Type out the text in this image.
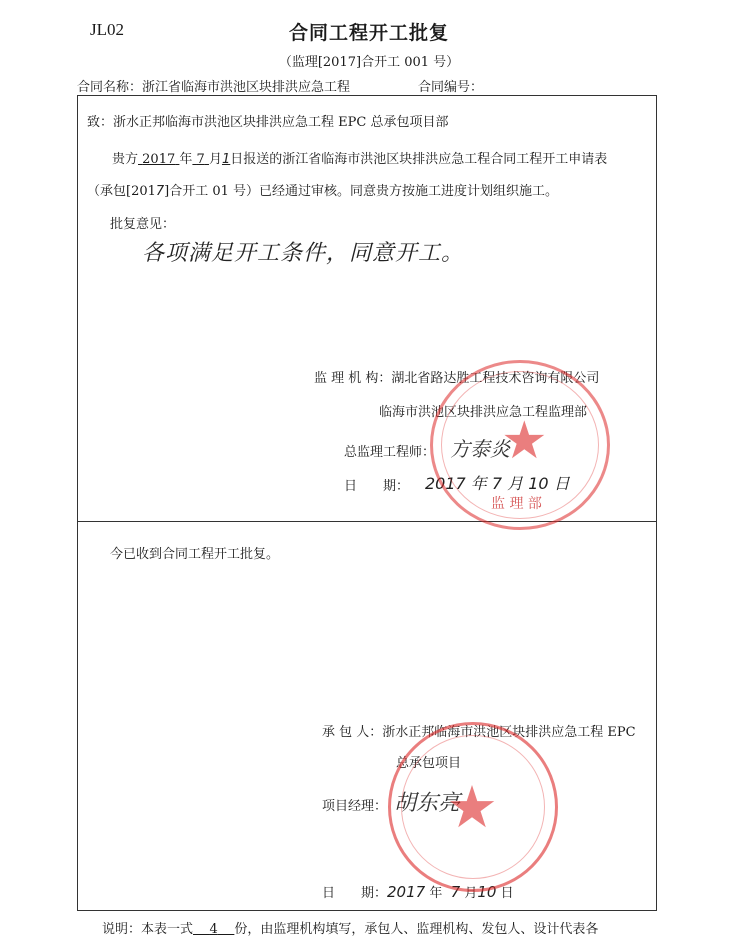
JL02	合同工程开工批复
（监理[2017]合开工 001 号）
合同名称：浙江省临海市洪池区块排洪应急工程	合同编号：
致：浙水正邦临海市洪池区块排洪应急工程 EPC 总承包项目部
贵方 2017 年 7 月1日报送的浙江省临海市洪池区块排洪应急工程合同工程开工申请表
（承包[2017]合开工 01 号）已经通过审核。同意贵方按施工进度计划组织施工。
批复意见：
各项满足开工条件，同意开工。
监 理 机 构：湖北省路达胜工程技术咨询有限公司
临海市洪池区块排洪应急工程监理部
总监理工程师： 方泰炎
日　　期： 2017 年 7 月 10 日
★
监 理 部
今已收到合同工程开工批复。
承 包 人：浙水正邦临海市洪池区块排洪应急工程 EPC
总承包项目
项目经理： 胡东亮
日　　期：2017 年 7 月10 日
★
说明：本表一式 4 份，由监理机构填写，承包人、监理机构、发包人、设计代表各
